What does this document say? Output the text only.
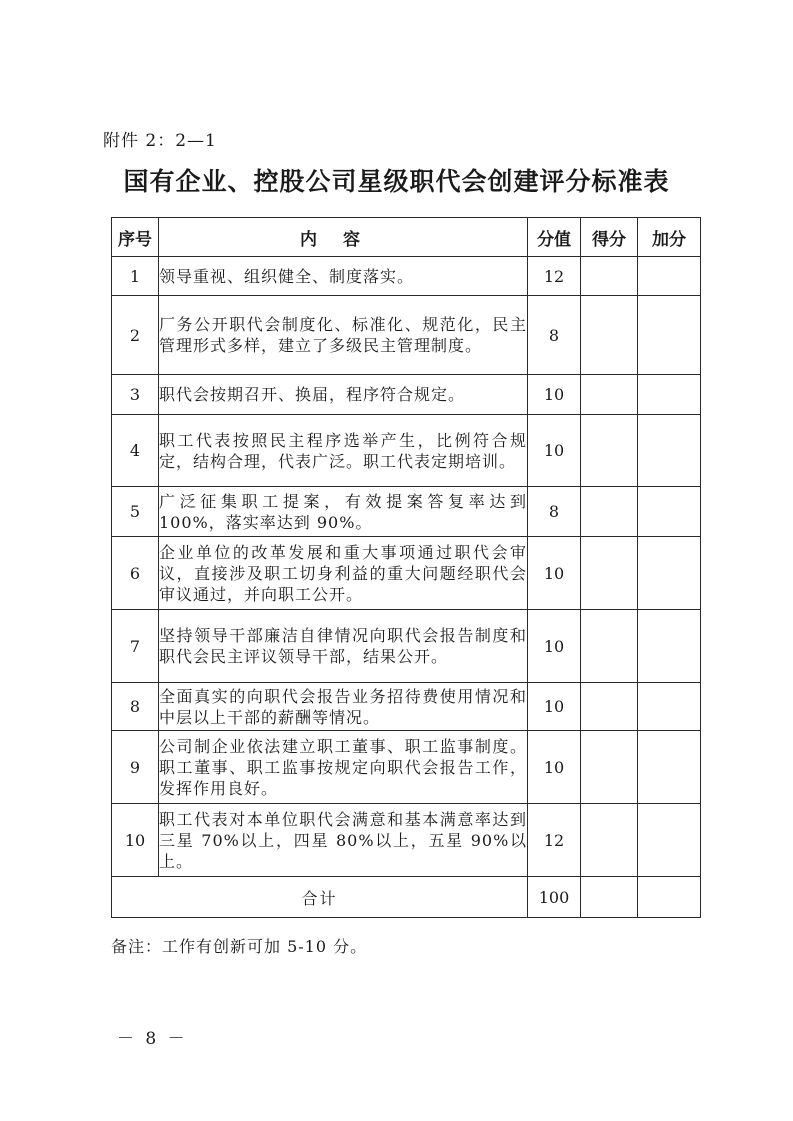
附件 2：2—1
国有企业、控股公司星级职代会创建评分标准表
序号	内容	分值	得分	加分
1	领导重视、组织健全、制度落实。	12		
2	厂务公开职代会制度化、标准化、规范化，民主管理形式多样，建立了多级民主管理制度。	8		
3	职代会按期召开、换届，程序符合规定。	10		
4	职工代表按照民主程序选举产生，比例符合规定，结构合理，代表广泛。职工代表定期培训。	10		
5	广泛征集职工提案，有效提案答复率达到 100%，落实率达到 90%。	8		
6	企业单位的改革发展和重大事项通过职代会审议，直接涉及职工切身利益的重大问题经职代会审议通过，并向职工公开。	10		
7	坚持领导干部廉洁自律情况向职代会报告制度和职代会民主评议领导干部，结果公开。	10		
8	全面真实的向职代会报告业务招待费使用情况和中层以上干部的薪酬等情况。	10		
9	公司制企业依法建立职工董事、职工监事制度。职工董事、职工监事按规定向职代会报告工作，发挥作用良好。	10		
10	职工代表对本单位职代会满意和基本满意率达到三星 70%以上，四星 80%以上，五星 90%以上。	12		
合计		100		
备注：工作有创新可加 5-10 分。
－ 8 －
